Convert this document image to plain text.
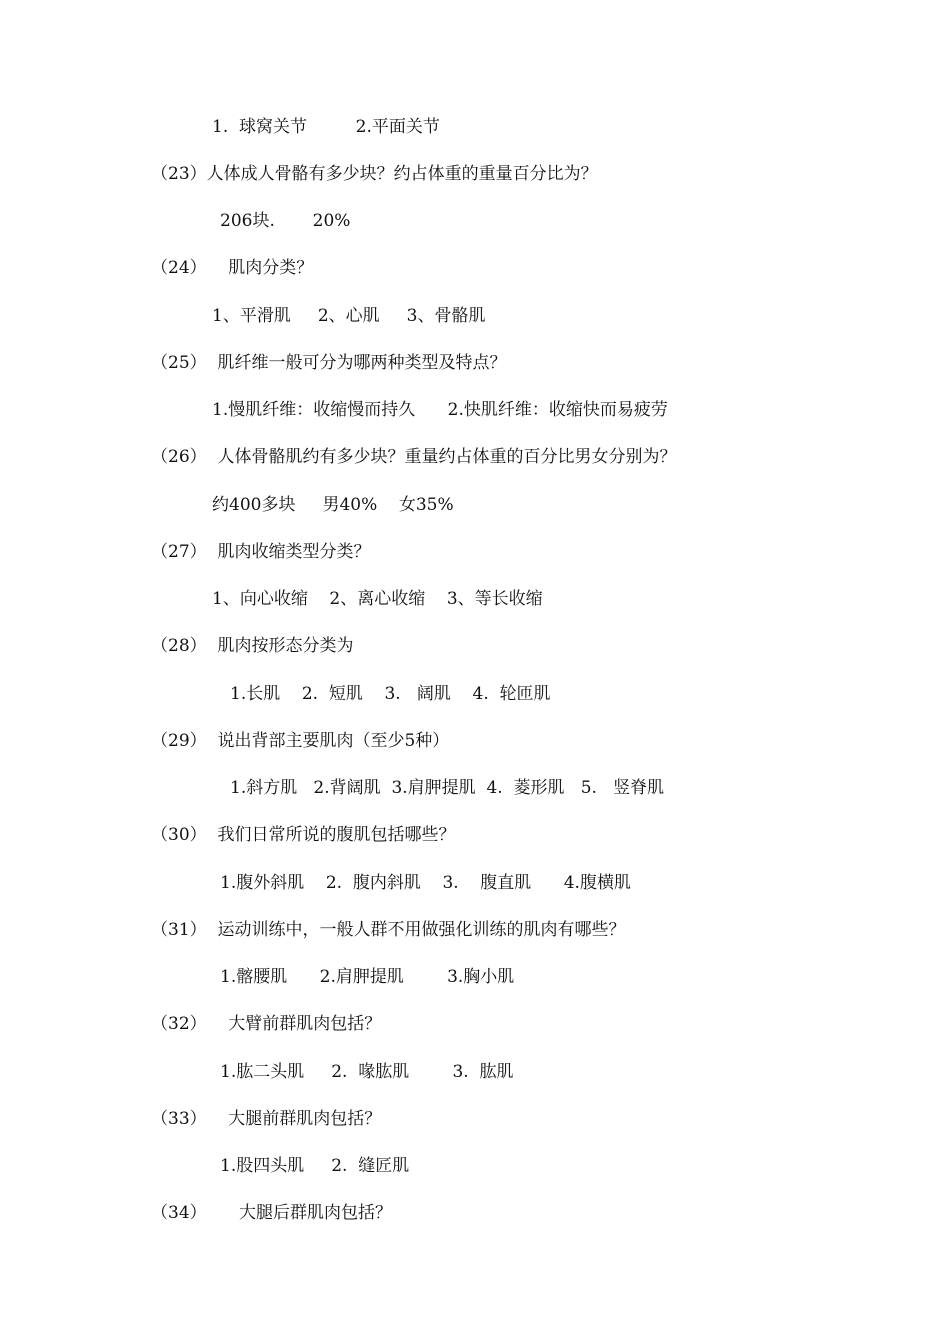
1.  球窝关节         2.平面关节
（23）人体成人骨骼有多少块？约占体重的重量百分比为？
206块.       20%
（24）    肌肉分类？
1、平滑肌     2、心肌     3、骨骼肌
（25）  肌纤维一般可分为哪两种类型及特点？
1.慢肌纤维：收缩慢而持久      2.快肌纤维：收缩快而易疲劳
（26）  人体骨骼肌约有多少块？重量约占体重的百分比男女分别为？
约400多块     男40%    女35%
（27）  肌肉收缩类型分类？
1、向心收缩    2、离心收缩    3、等长收缩
（28）  肌肉按形态分类为
1.长肌    2.  短肌    3.   阔肌    4.  轮匝肌
（29）  说出背部主要肌肉（至少5种）
1.斜方肌   2.背阔肌  3.肩胛提肌  4.  菱形肌   5.   竖脊肌
（30）  我们日常所说的腹肌包括哪些？
1.腹外斜肌    2.  腹内斜肌    3.    腹直肌      4.腹横肌
（31）  运动训练中，一般人群不用做强化训练的肌肉有哪些？
1.髂腰肌      2.肩胛提肌        3.胸小肌
（32）    大臂前群肌肉包括？
1.肱二头肌     2.  喙肱肌        3.  肱肌
（33）    大腿前群肌肉包括？
1.股四头肌     2.  缝匠肌
（34）      大腿后群肌肉包括？
